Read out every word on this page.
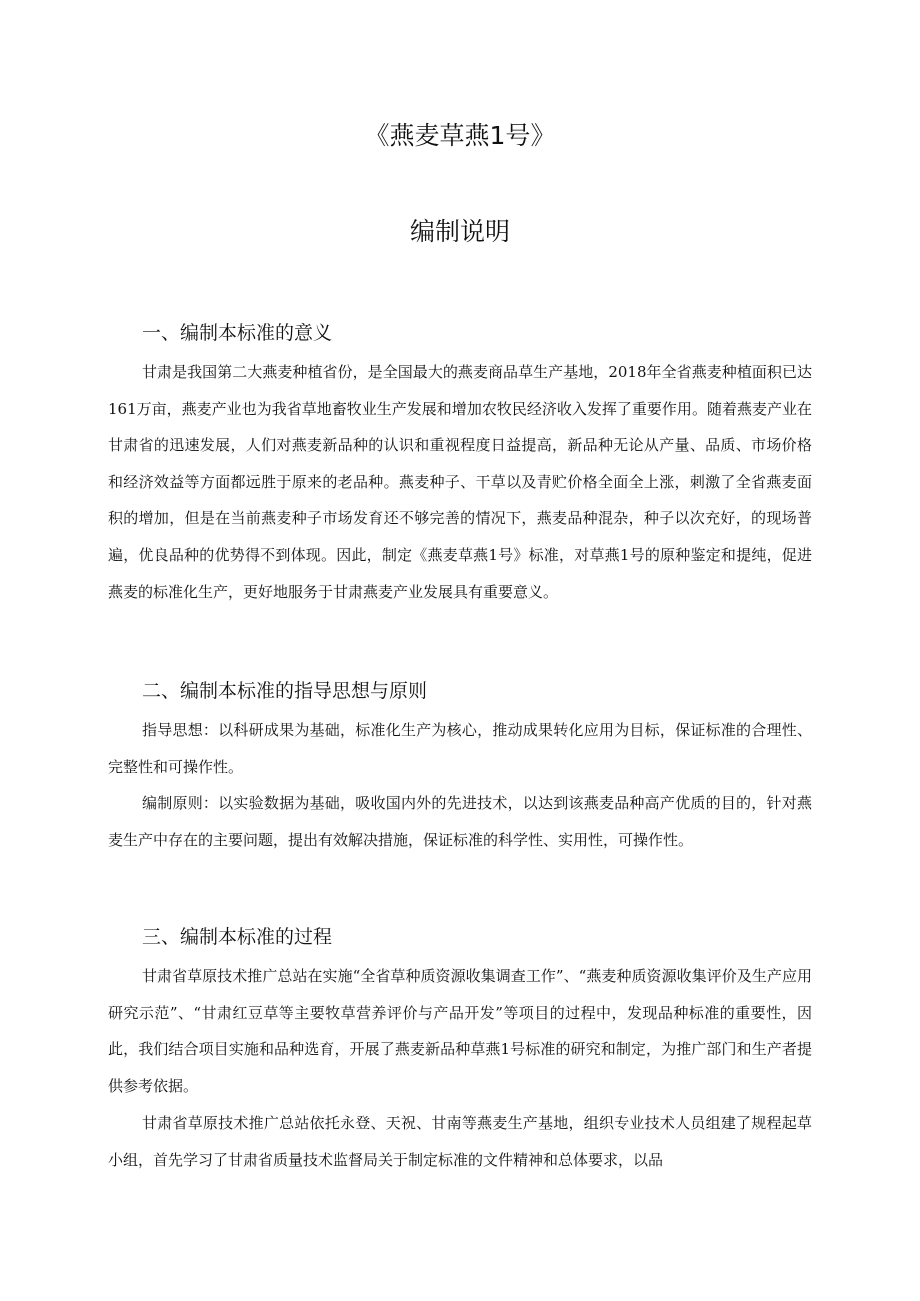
《燕麦草燕1号》
编制说明
一、编制本标准的意义

甘肃是我国第二大燕麦种植省份，是全国最大的燕麦商品草生产基地，2018年全省燕麦种植面积已达161万亩，燕麦产业也为我省草地畜牧业生产发展和增加农牧民经济收入发挥了重要作用。随着燕麦产业在甘肃省的迅速发展，人们对燕麦新品种的认识和重视程度日益提高，新品种无论从产量、品质、市场价格和经济效益等方面都远胜于原来的老品种。燕麦种子、干草以及青贮价格全面全上涨，刺激了全省燕麦面积的增加，但是在当前燕麦种子市场发育还不够完善的情况下，燕麦品种混杂，种子以次充好，的现场普遍，优良品种的优势得不到体现。因此，制定《燕麦草燕1号》标准，对草燕1号的原种鉴定和提纯，促进燕麦的标准化生产，更好地服务于甘肃燕麦产业发展具有重要意义。

二、编制本标准的指导思想与原则

指导思想：以科研成果为基础，标准化生产为核心，推动成果转化应用为目标，保证标准的合理性、完整性和可操作性。

编制原则：以实验数据为基础，吸收国内外的先进技术，以达到该燕麦品种高产优质的目的，针对燕麦生产中存在的主要问题，提出有效解决措施，保证标准的科学性、实用性，可操作性。

三、编制本标准的过程

甘肃省草原技术推广总站在实施“全省草种质资源收集调查工作”、“燕麦种质资源收集评价及生产应用研究示范”、“甘肃红豆草等主要牧草营养评价与产品开发”等项目的过程中，发现品种标准的重要性，因此，我们结合项目实施和品种选育，开展了燕麦新品种草燕1号标准的研究和制定，为推广部门和生产者提供参考依据。

甘肃省草原技术推广总站依托永登、天祝、甘南等燕麦生产基地，组织专业技术人员组建了规程起草小组，首先学习了甘肃省质量技术监督局关于制定标准的文件精神和总体要求，以品
